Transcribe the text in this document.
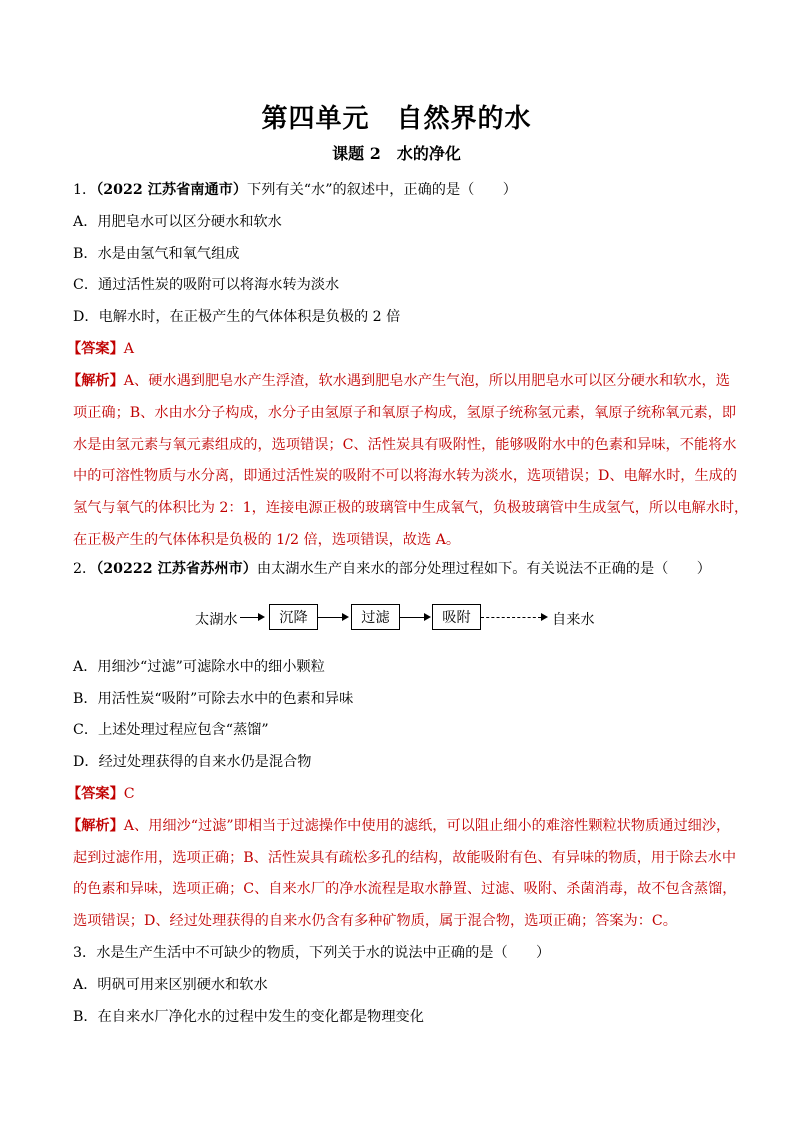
第四单元　自然界的水
课题 2　水的净化
1．（2022 江苏省南通市）下列有关“水”的叙述中，正确的是（　　）
A．用肥皂水可以区分硬水和软水
B．水是由氢气和氧气组成
C．通过活性炭的吸附可以将海水转为淡水
D．电解水时，在正极产生的气体体积是负极的 2 倍
【答案】A
【解析】A、硬水遇到肥皂水产生浮渣，软水遇到肥皂水产生气泡，所以用肥皂水可以区分硬水和软水，选
项正确；B、水由水分子构成，水分子由氢原子和氧原子构成，氢原子统称氢元素，氧原子统称氧元素，即
水是由氢元素与氧元素组成的，选项错误；C、活性炭具有吸附性，能够吸附水中的色素和异味，不能将水
中的可溶性物质与水分离，即通过活性炭的吸附不可以将海水转为淡水，选项错误；D、电解水时，生成的
氢气与氧气的体积比为 2：1，连接电源正极的玻璃管中生成氧气，负极玻璃管中生成氢气，所以电解水时，
在正极产生的气体体积是负极的 1/2 倍，选项错误，故选 A。
2．（20222 江苏省苏州市）由太湖水生产自来水的部分处理过程如下。有关说法不正确的是（　　）
太湖水	沉降	过滤	吸附	自来水
A．用细沙“过滤”可滤除水中的细小颗粒
B．用活性炭“吸附”可除去水中的色素和异味
C．上述处理过程应包含“蒸馏”
D．经过处理获得的自来水仍是混合物
【答案】C
【解析】A、用细沙“过滤”即相当于过滤操作中使用的滤纸，可以阻止细小的难溶性颗粒状物质通过细沙，
起到过滤作用，选项正确；B、活性炭具有疏松多孔的结构，故能吸附有色、有异味的物质，用于除去水中
的色素和异味，选项正确；C、自来水厂的净水流程是取水静置、过滤、吸附、杀菌消毒，故不包含蒸馏，
选项错误；D、经过处理获得的自来水仍含有多种矿物质，属于混合物，选项正确；答案为：C。
3．水是生产生活中不可缺少的物质，下列关于水的说法中正确的是（　　）
A．明矾可用来区别硬水和软水
B．在自来水厂净化水的过程中发生的变化都是物理变化
